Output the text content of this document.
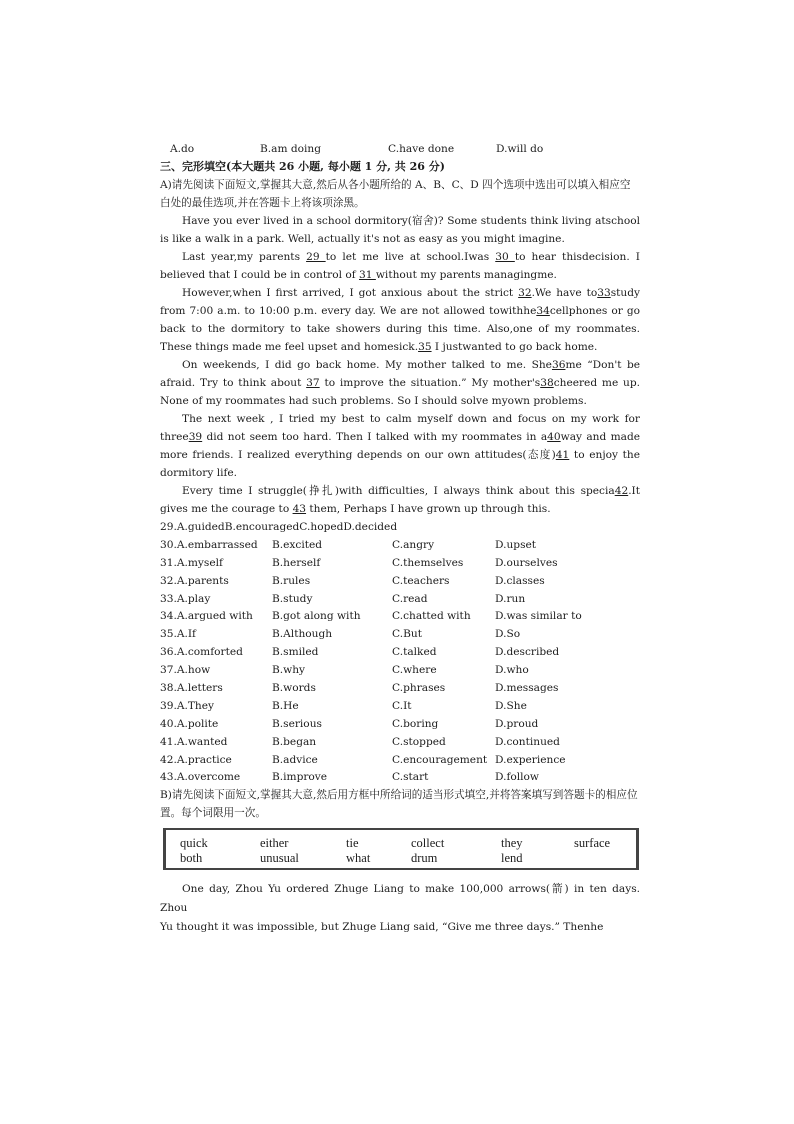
A.do	B.am doing	C.have done	D.will do
三、完形填空(本大题共 26 小题, 每小题 1 分, 共 26 分)
A)请先阅读下面短文,掌握其大意,然后从各小题所给的 A、B、C、D 四个选项中选出可以填入相应空白处的最佳选项,并在答题卡上将该项涂黑。
Have you ever lived in a school dormitory(宿舍)? Some students think living atschool is like a walk in a park. Well, actually it's not as easy as you might imagine.
Last year,my parents 29 to let me live at school.Iwas 30 to hear thisdecision. I believed that I could be in control of 31 without my parents managingme.
However,when I first arrived, I got anxious about the strict 32.We have to33study from 7:00 a.m. to 10:00 p.m. every day. We are not allowed towithhe34cellphones or go back to the dormitory to take showers during this time. Also,one of my roommates. These things made me feel upset and homesick.35 I justwanted to go back home.
On weekends, I did go back home. My mother talked to me. She36me “Don't be afraid. Try to think about 37 to improve the situation.” My mother's38cheered me up. None of my roommates had such problems. So I should solve myown problems.
The next week , I tried my best to calm myself down and focus on my work for three39 did not seem too hard. Then I talked with my roommates in a40way and made more friends. I realized everything depends on our own attitudes(态度)41 to enjoy the dormitory life.
Every time I struggle(挣扎)with difficulties, I always think about this specia42.It gives me the courage to 43 them, Perhaps I have grown up through this.
29.A.guidedB.encouragedC.hopedD.decided
30.A.embarrassed	B.excited	C.angry	D.upset
31.A.myself	B.herself	C.themselves	D.ourselves
32.A.parents	B.rules	C.teachers	D.classes
33.A.play	B.study	C.read	D.run
34.A.argued with	B.got along with	C.chatted with	D.was similar to
35.A.If	B.Although	C.But	D.So
36.A.comforted	B.smiled	C.talked	D.described
37.A.how	B.why	C.where	D.who
38.A.letters	B.words	C.phrases	D.messages
39.A.They	B.He	C.It	D.She
40.A.polite	B.serious	C.boring	D.proud
41.A.wanted	B.began	C.stopped	D.continued
42.A.practice	B.advice	C.encouragement D.experience
43.A.overcome	B.improve	C.start	D.follow
B)请先阅读下面短文,掌握其大意,然后用方框中所给词的适当形式填空,并将答案填写到答题卡的相应位置。每个词限用一次。
quick	either	tie	collect	they	surface
both	unusual	what	drum	lend
One day, Zhou Yu ordered Zhuge Liang to make 100,000 arrows(箭) in ten days. Zhou
Yu thought it was impossible, but Zhuge Liang said, “Give me three days.” Thenhe
